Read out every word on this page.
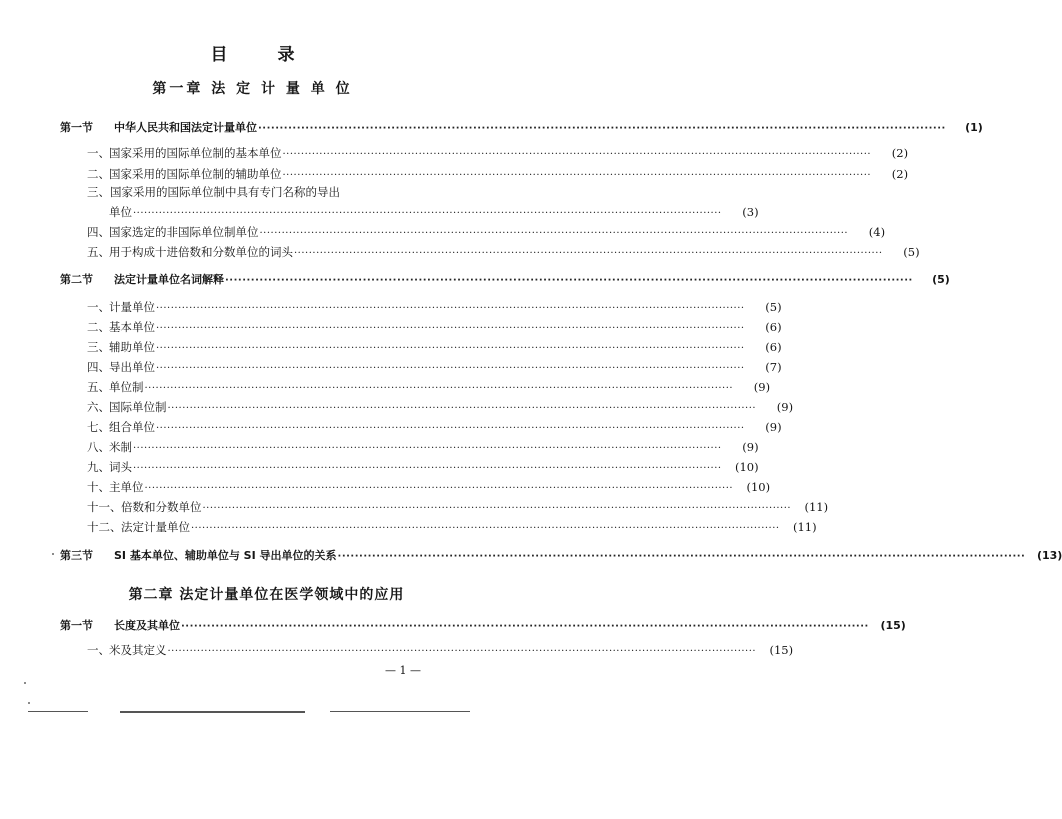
目 录
第一章 法 定 计 量 单 位
第一节	中华人民共和国法定计量单位 ································································································································································	(1)
一、 国家采用的国际单位制的基本单位 ································································································································································	(2)
二、 国家采用的国际单位制的辅助单位 ································································································································································	(2)
三、国家采用的国际单位制中具有专门名称的导出
单位 ································································································································································	(3)
四、 国家选定的非国际单位制单位 ································································································································································	(4)
五、 用于构成十进倍数和分数单位的词头 ································································································································································	(5)
第二节	法定计量单位名词解释 ································································································································································	(5)
一、 计量单位 ································································································································································	(5)
二、 基本单位 ································································································································································	(6)
三、 辅助单位 ································································································································································	(6)
四、 导出单位 ································································································································································	(7)
五、 单位制 ································································································································································	(9)
六、 国际单位制 ································································································································································	(9)
七、 组合单位 ································································································································································	(9)
八、 米制 ································································································································································	(9)
九、 词头 ································································································································································	(10)
十、 主单位 ································································································································································	(10)
十一、 倍数和分数单位 ································································································································································	(11)
十二、 法定计量单位 ································································································································································	(11)
第三节	SI 基本单位、辅助单位与 SI 导出单位的关系 ································································································································································	(13)
第二章 法定计量单位在医学领域中的应用
第一节	长度及其单位 ································································································································································	(15)
一、 米及其定义 ································································································································································	(15)
— 1 —
